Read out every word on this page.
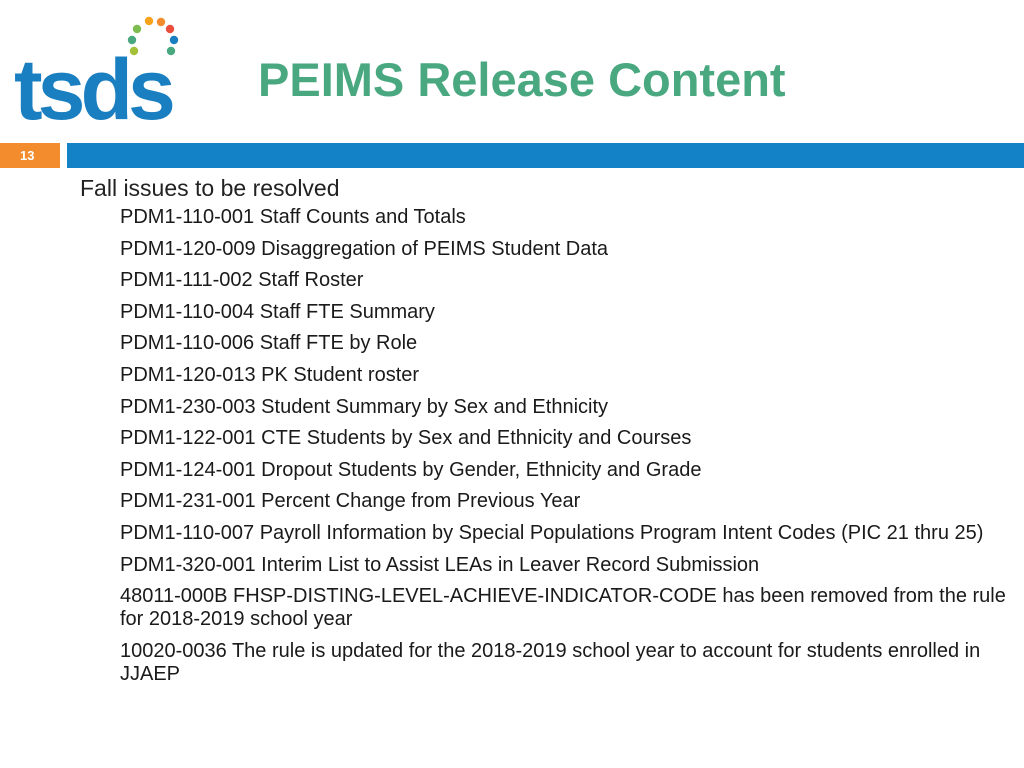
tsds PEIMS Release Content
13

Fall issues to be resolved

PDM1-110-001 Staff Counts and Totals
PDM1-120-009 Disaggregation of PEIMS Student Data
PDM1-111-002 Staff Roster
PDM1-110-004 Staff FTE Summary
PDM1-110-006 Staff FTE by Role
PDM1-120-013 PK Student roster
PDM1-230-003 Student Summary by Sex and Ethnicity
PDM1-122-001 CTE Students by Sex and Ethnicity and Courses
PDM1-124-001 Dropout Students by Gender, Ethnicity and Grade
PDM1-231-001 Percent Change from Previous Year
PDM1-110-007 Payroll Information by Special Populations Program Intent Codes (PIC 21 thru 25)
PDM1-320-001 Interim List to Assist LEAs in Leaver Record Submission
48011-000B FHSP-DISTING-LEVEL-ACHIEVE-INDICATOR-CODE has been removed from the rule for 2018-2019 school year
10020-0036 The rule is updated for the 2018-2019 school year to account for students enrolled in JJAEP
